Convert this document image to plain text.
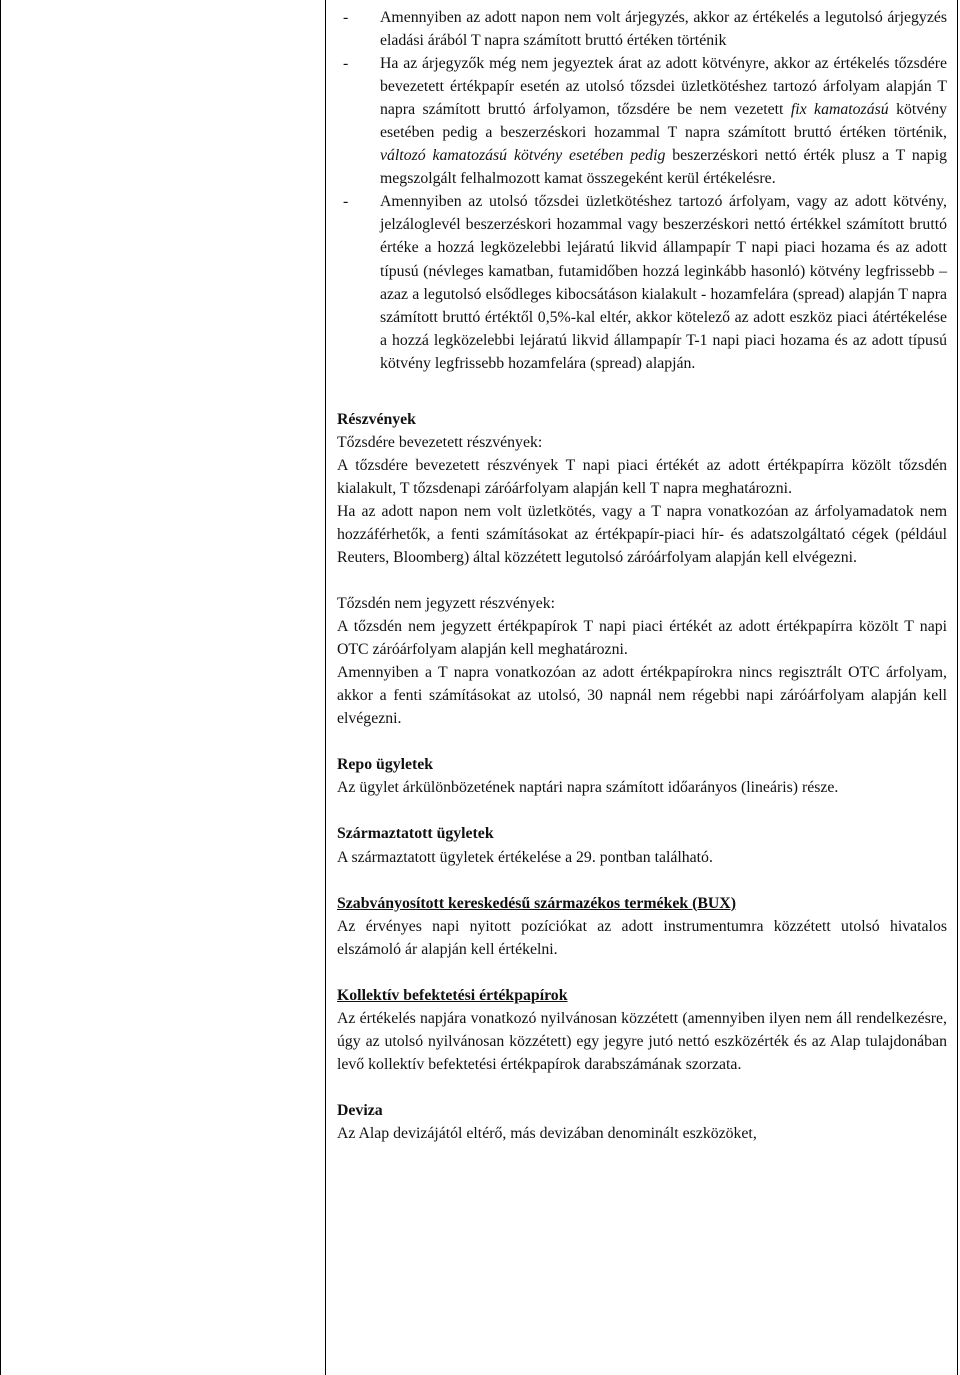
- Amennyiben az adott napon nem volt árjegyzés, akkor az értékelés a legutolsó árjegyzés eladási árából T napra számított bruttó értéken történik

- Ha az árjegyzők még nem jegyeztek árat az adott kötvényre, akkor az értékelés tőzsdére bevezetett értékpapír esetén az utolsó tőzsdei üzletkötéshez tartozó árfolyam alapján T napra számított bruttó árfolyamon, tőzsdére be nem vezetett fix kamatozású kötvény esetében pedig a beszerzéskori hozammal T napra számított bruttó értéken történik, változó kamatozású kötvény esetében pedig beszerzéskori nettó érték plusz a T napig megszolgált felhalmozott kamat összegeként kerül értékelésre.

- Amennyiben az utolsó tőzsdei üzletkötéshez tartozó árfolyam, vagy az adott kötvény, jelzáloglevél beszerzéskori hozammal vagy beszerzéskori nettó értékkel számított bruttó értéke a hozzá legközelebbi lejáratú likvid állampapír T napi piaci hozama és az adott típusú (névleges kamatban, futamidőben hozzá leginkább hasonló) kötvény legfrissebb – azaz a legutolsó elsődleges kibocsátáson kialakult - hozamfelára (spread) alapján T napra számított bruttó értéktől 0,5%-kal eltér, akkor kötelező az adott eszköz piaci átértékelése a hozzá legközelebbi lejáratú likvid állampapír T-1 napi piaci hozama és az adott típusú kötvény legfrissebb hozamfelára (spread) alapján.

Részvények

Tőzsdére bevezetett részvények:

A tőzsdére bevezetett részvények T napi piaci értékét az adott értékpapírra közölt tőzsdén kialakult, T tőzsdenapi záróárfolyam alapján kell T napra meghatározni.

Ha az adott napon nem volt üzletkötés, vagy a T napra vonatkozóan az árfolyamadatok nem hozzáférhetők, a fenti számításokat az értékpapír-piaci hír- és adatszolgáltató cégek (például Reuters, Bloomberg) által közzétett legutolsó záróárfolyam alapján kell elvégezni.

Tőzsdén nem jegyzett részvények:

A tőzsdén nem jegyzett értékpapírok T napi piaci értékét az adott értékpapírra közölt T napi OTC záróárfolyam alapján kell meghatározni.

Amennyiben a T napra vonatkozóan az adott értékpapírokra nincs regisztrált OTC árfolyam, akkor a fenti számításokat az utolsó, 30 napnál nem régebbi napi záróárfolyam alapján kell elvégezni.

Repo ügyletek

Az ügylet árkülönbözetének naptári napra számított időarányos (lineáris) része.

Származtatott ügyletek

A származtatott ügyletek értékelése a 29. pontban található.

Szabványosított kereskedésű származékos termékek (BUX)

Az érvényes napi nyitott pozíciókat az adott instrumentumra közzétett utolsó hivatalos elszámoló ár alapján kell értékelni.

Kollektív befektetési értékpapírok

Az értékelés napjára vonatkozó nyilvánosan közzétett (amennyiben ilyen nem áll rendelkezésre, úgy az utolsó nyilvánosan közzétett) egy jegyre jutó nettó eszközérték és az Alap tulajdonában levő kollektív befektetési értékpapírok darabszámának szorzata.

Deviza

Az Alap devizájától eltérő, más devizában denominált eszközöket,
